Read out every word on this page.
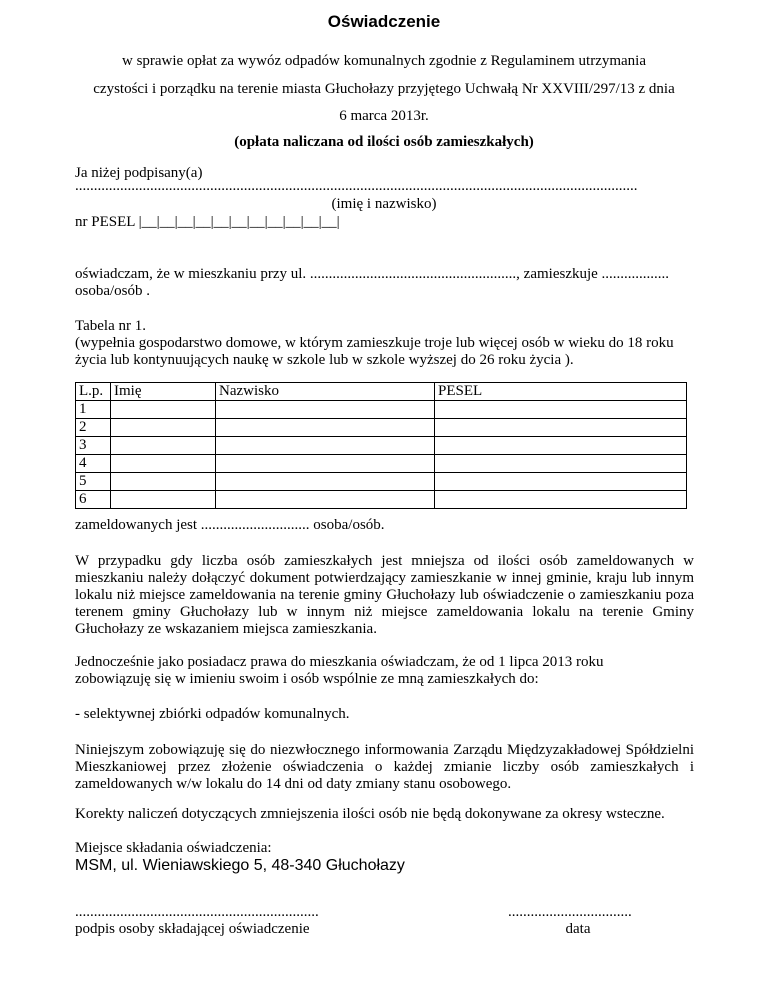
Oświadczenie
w sprawie opłat za wywóz odpadów komunalnych zgodnie z Regulaminem utrzymania
czystości i porządku na terenie miasta Głuchołazy przyjętego Uchwałą Nr XXVIII/297/13 z dnia
6 marca 2013r.
(opłata naliczana od ilości osób zamieszkałych)
Ja niżej podpisany(a)
......................................................................................................................................................
(imię i nazwisko)
nr PESEL |__|__|__|__|__|__|__|__|__|__|__|
oświadczam, że w mieszkaniu przy ul. ......................................................., zamieszkuje ..................
osoba/osób .
Tabela nr 1.
(wypełnia gospodarstwo domowe, w którym zamieszkuje troje lub więcej osób w wieku do 18 roku
życia lub kontynuujących naukę w szkole lub w szkole wyższej do 26 roku życia ).
L.p.	Imię	Nazwisko	PESEL
1			
2			
3			
4			
5			
6			
zameldowanych jest ............................. osoba/osób.
W przypadku gdy liczba osób zamieszkałych jest mniejsza od ilości osób zameldowanych w mieszkaniu należy dołączyć dokument potwierdzający zamieszkanie w innej gminie, kraju lub innym lokalu niż miejsce zameldowania na terenie gminy Głuchołazy lub oświadczenie o zamieszkaniu poza terenem gminy Głuchołazy lub w innym niż miejsce zameldowania lokalu na terenie Gminy Głuchołazy ze wskazaniem miejsca zamieszkania.
Jednocześnie jako posiadacz prawa do mieszkania oświadczam, że od 1 lipca 2013 roku
zobowiązuję się w imieniu swoim i osób wspólnie ze mną zamieszkałych do:
- selektywnej zbiórki odpadów komunalnych.
Niniejszym zobowiązuję się do niezwłocznego informowania Zarządu Międzyzakładowej Spółdzielni Mieszkaniowej przez złożenie oświadczenia o każdej zmianie liczby osób zamieszkałych i zameldowanych w/w lokalu do 14 dni od daty zmiany stanu osobowego.
Korekty naliczeń dotyczących zmniejszenia ilości osób nie będą dokonywane za okresy wsteczne.
Miejsce składania oświadczenia:
MSM, ul. Wieniawskiego 5, 48-340 Głuchołazy
.................................................................
podpis osoby składającej oświadczenie
.................................
data
